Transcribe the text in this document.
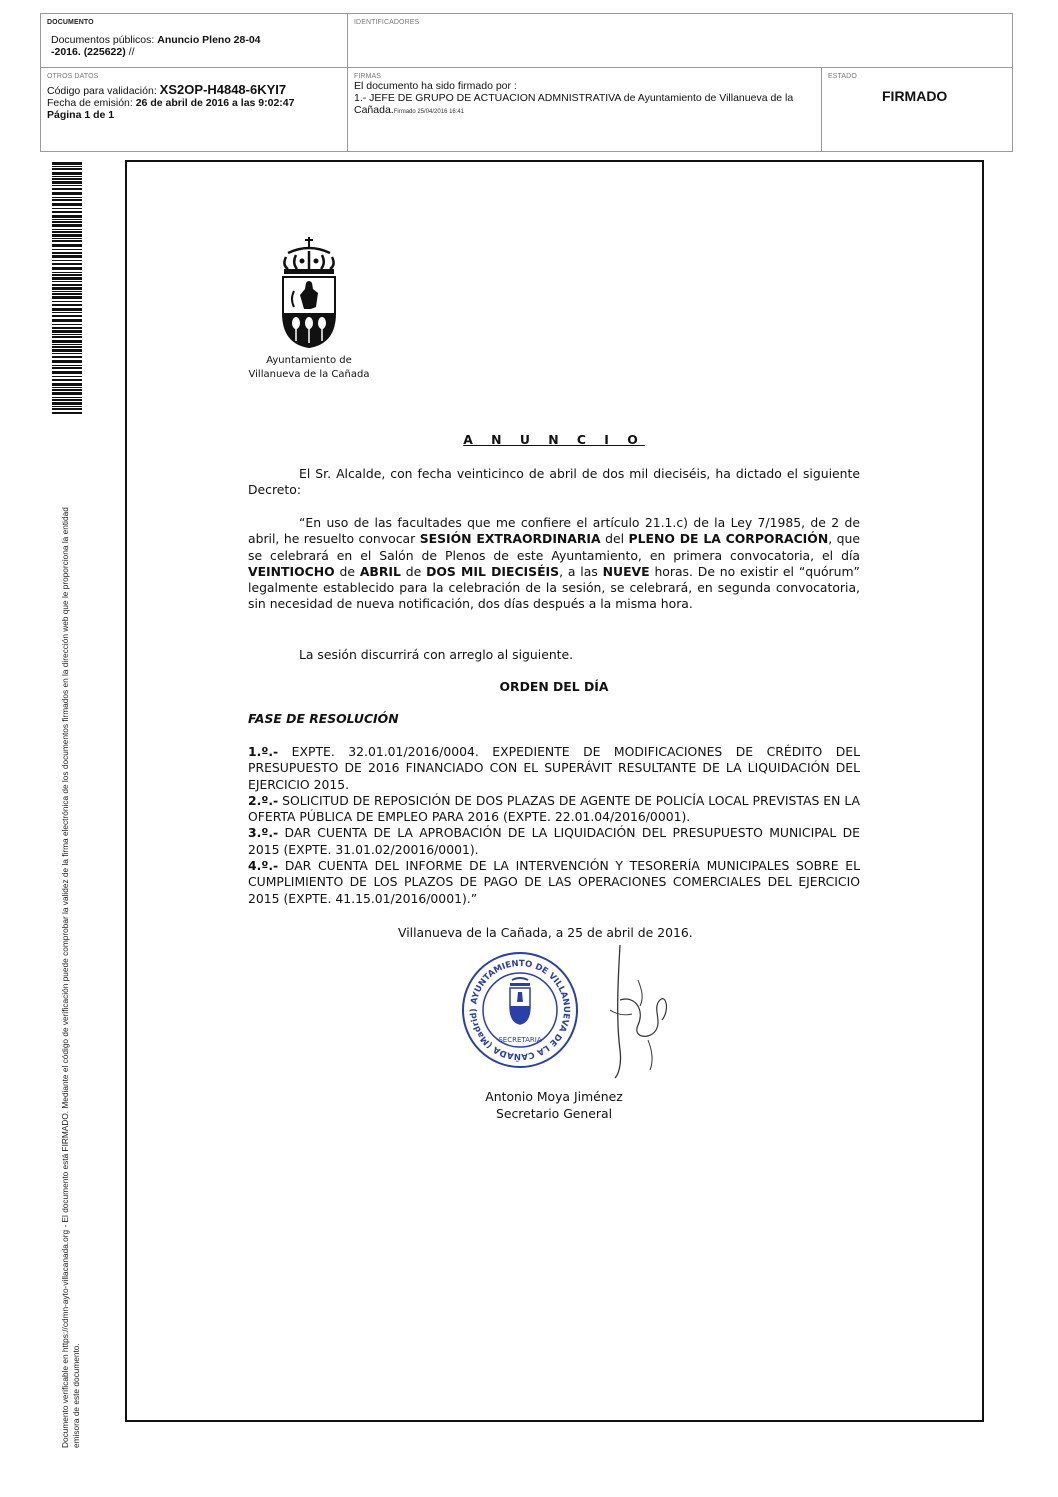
DOCUMENTO
Documentos públicos: Anuncio Pleno 28-04
-2016. (225622) //
IDENTIFICADORES
OTROS DATOS
Código para validación: XS2OP-H4848-6KYI7
Fecha de emisión: 26 de abril de 2016 a las 9:02:47
Página 1 de 1
FIRMAS
El documento ha sido firmado por :
1.- JEFE DE GRUPO DE ACTUACION ADMNISTRATIVA de Ayuntamiento de Villanueva de la
Cañada.Firmado 25/04/2016 16:41
ESTADO
FIRMADO
Documento verificable en https://cdmn-ayto-villacanada.org - El documento está FIRMADO. Mediante el código de verificación puede comprobar la validez de la firma electrónica de los documentos firmados en la dirección web que le proporciona la entidad emisora de este documento.
Ayuntamiento de
Villanueva de la Cañada
A N U N C I O
El Sr. Alcalde, con fecha veinticinco de abril de dos mil dieciséis, ha dictado el siguiente Decreto:
“En uso de las facultades que me confiere el artículo 21.1.c) de la Ley 7/1985, de 2 de abril, he resuelto convocar SESIÓN EXTRAORDINARIA del PLENO DE LA CORPORACIÓN, que se celebrará en el Salón de Plenos de este Ayuntamiento, en primera convocatoria, el día VEINTIOCHO de ABRIL de DOS MIL DIECISÉIS, a las NUEVE horas. De no existir el “quórum” legalmente establecido para la celebración de la sesión, se celebrará, en segunda convocatoria, sin necesidad de nueva notificación, dos días después a la misma hora.
La sesión discurrirá con arreglo al siguiente.
ORDEN DEL DÍA
FASE DE RESOLUCIÓN
1.º.- EXPTE. 32.01.01/2016/0004. EXPEDIENTE DE MODIFICACIONES DE CRÉDITO DEL PRESUPUESTO DE 2016 FINANCIADO CON EL SUPERÁVIT RESULTANTE DE LA LIQUIDACIÓN DEL EJERCICIO 2015.
2.º.- SOLICITUD DE REPOSICIÓN DE DOS PLAZAS DE AGENTE DE POLICÍA LOCAL PREVISTAS EN LA OFERTA PÚBLICA DE EMPLEO PARA 2016 (EXPTE. 22.01.04/2016/0001).
3.º.- DAR CUENTA DE LA APROBACIÓN DE LA LIQUIDACIÓN DEL PRESUPUESTO MUNICIPAL DE 2015 (EXPTE. 31.01.02/20016/0001).
4.º.- DAR CUENTA DEL INFORME DE LA INTERVENCIÓN Y TESORERÍA MUNICIPALES SOBRE EL CUMPLIMIENTO DE LOS PLAZOS DE PAGO DE LAS OPERACIONES COMERCIALES DEL EJERCICIO 2015 (EXPTE. 41.15.01/2016/0001).”
Villanueva de la Cañada, a 25 de abril de 2016.
AYUNTAMIENTO DE VILLANUEVA DE LA CAÑADA (Madrid)
SECRETARIA
Antonio Moya Jiménez
Secretario General
